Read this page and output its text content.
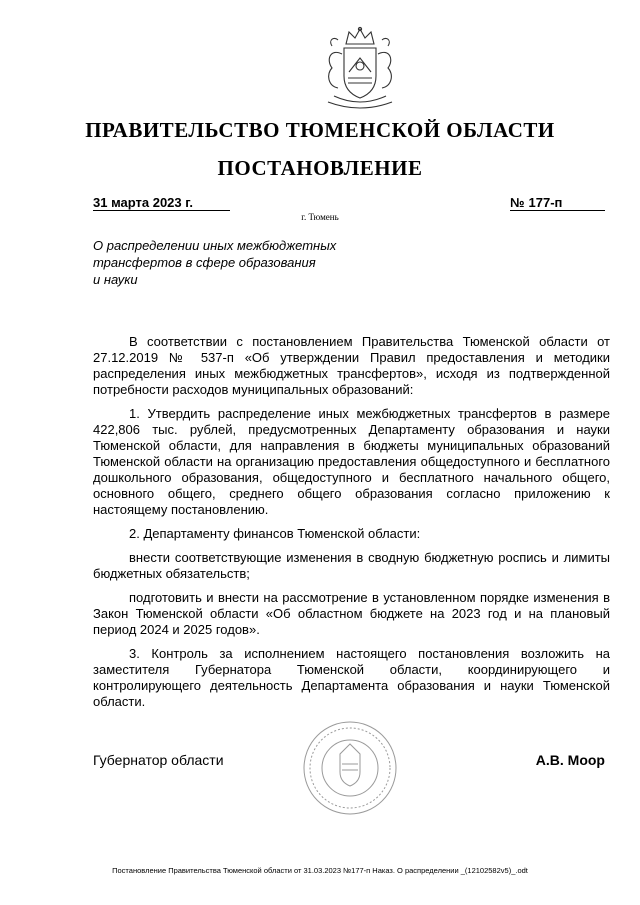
ПРАВИТЕЛЬСТВО ТЮМЕНСКОЙ ОБЛАСТИ
ПОСТАНОВЛЕНИЕ
31 марта 2023 г.	№ 177-п
г. Тюмень
О распределении иных межбюджетных
трансфертов в сфере образования
и науки

В соответствии с постановлением Правительства Тюменской области от 27.12.2019 № 537-п «Об утверждении Правил предоставления и методики распределения иных межбюджетных трансфертов», исходя из подтвержденной потребности расходов муниципальных образований:

1. Утвердить распределение иных межбюджетных трансфертов в размере 422,806 тыс. рублей, предусмотренных Департаменту образования и науки Тюменской области, для направления в бюджеты муниципальных образований Тюменской области на организацию предоставления общедоступного и бесплатного дошкольного образования, общедоступного и бесплатного начального общего, основного общего, среднего общего образования согласно приложению к настоящему постановлению.

2. Департаменту финансов Тюменской области:

внести соответствующие изменения в сводную бюджетную роспись и лимиты бюджетных обязательств;

подготовить и внести на рассмотрение в установленном порядке изменения в Закон Тюменской области «Об областном бюджете на 2023 год и на плановый период 2024 и 2025 годов».

3. Контроль за исполнением настоящего постановления возложить на заместителя Губернатора Тюменской области, координирующего и контролирующего деятельность Департамента образования и науки Тюменской области.

Губернатор области	А.В. Моор
Постановление Правительства Тюменской области от 31.03.2023 №177-п Наказ. О распределении _(12102582v5)_.odt
